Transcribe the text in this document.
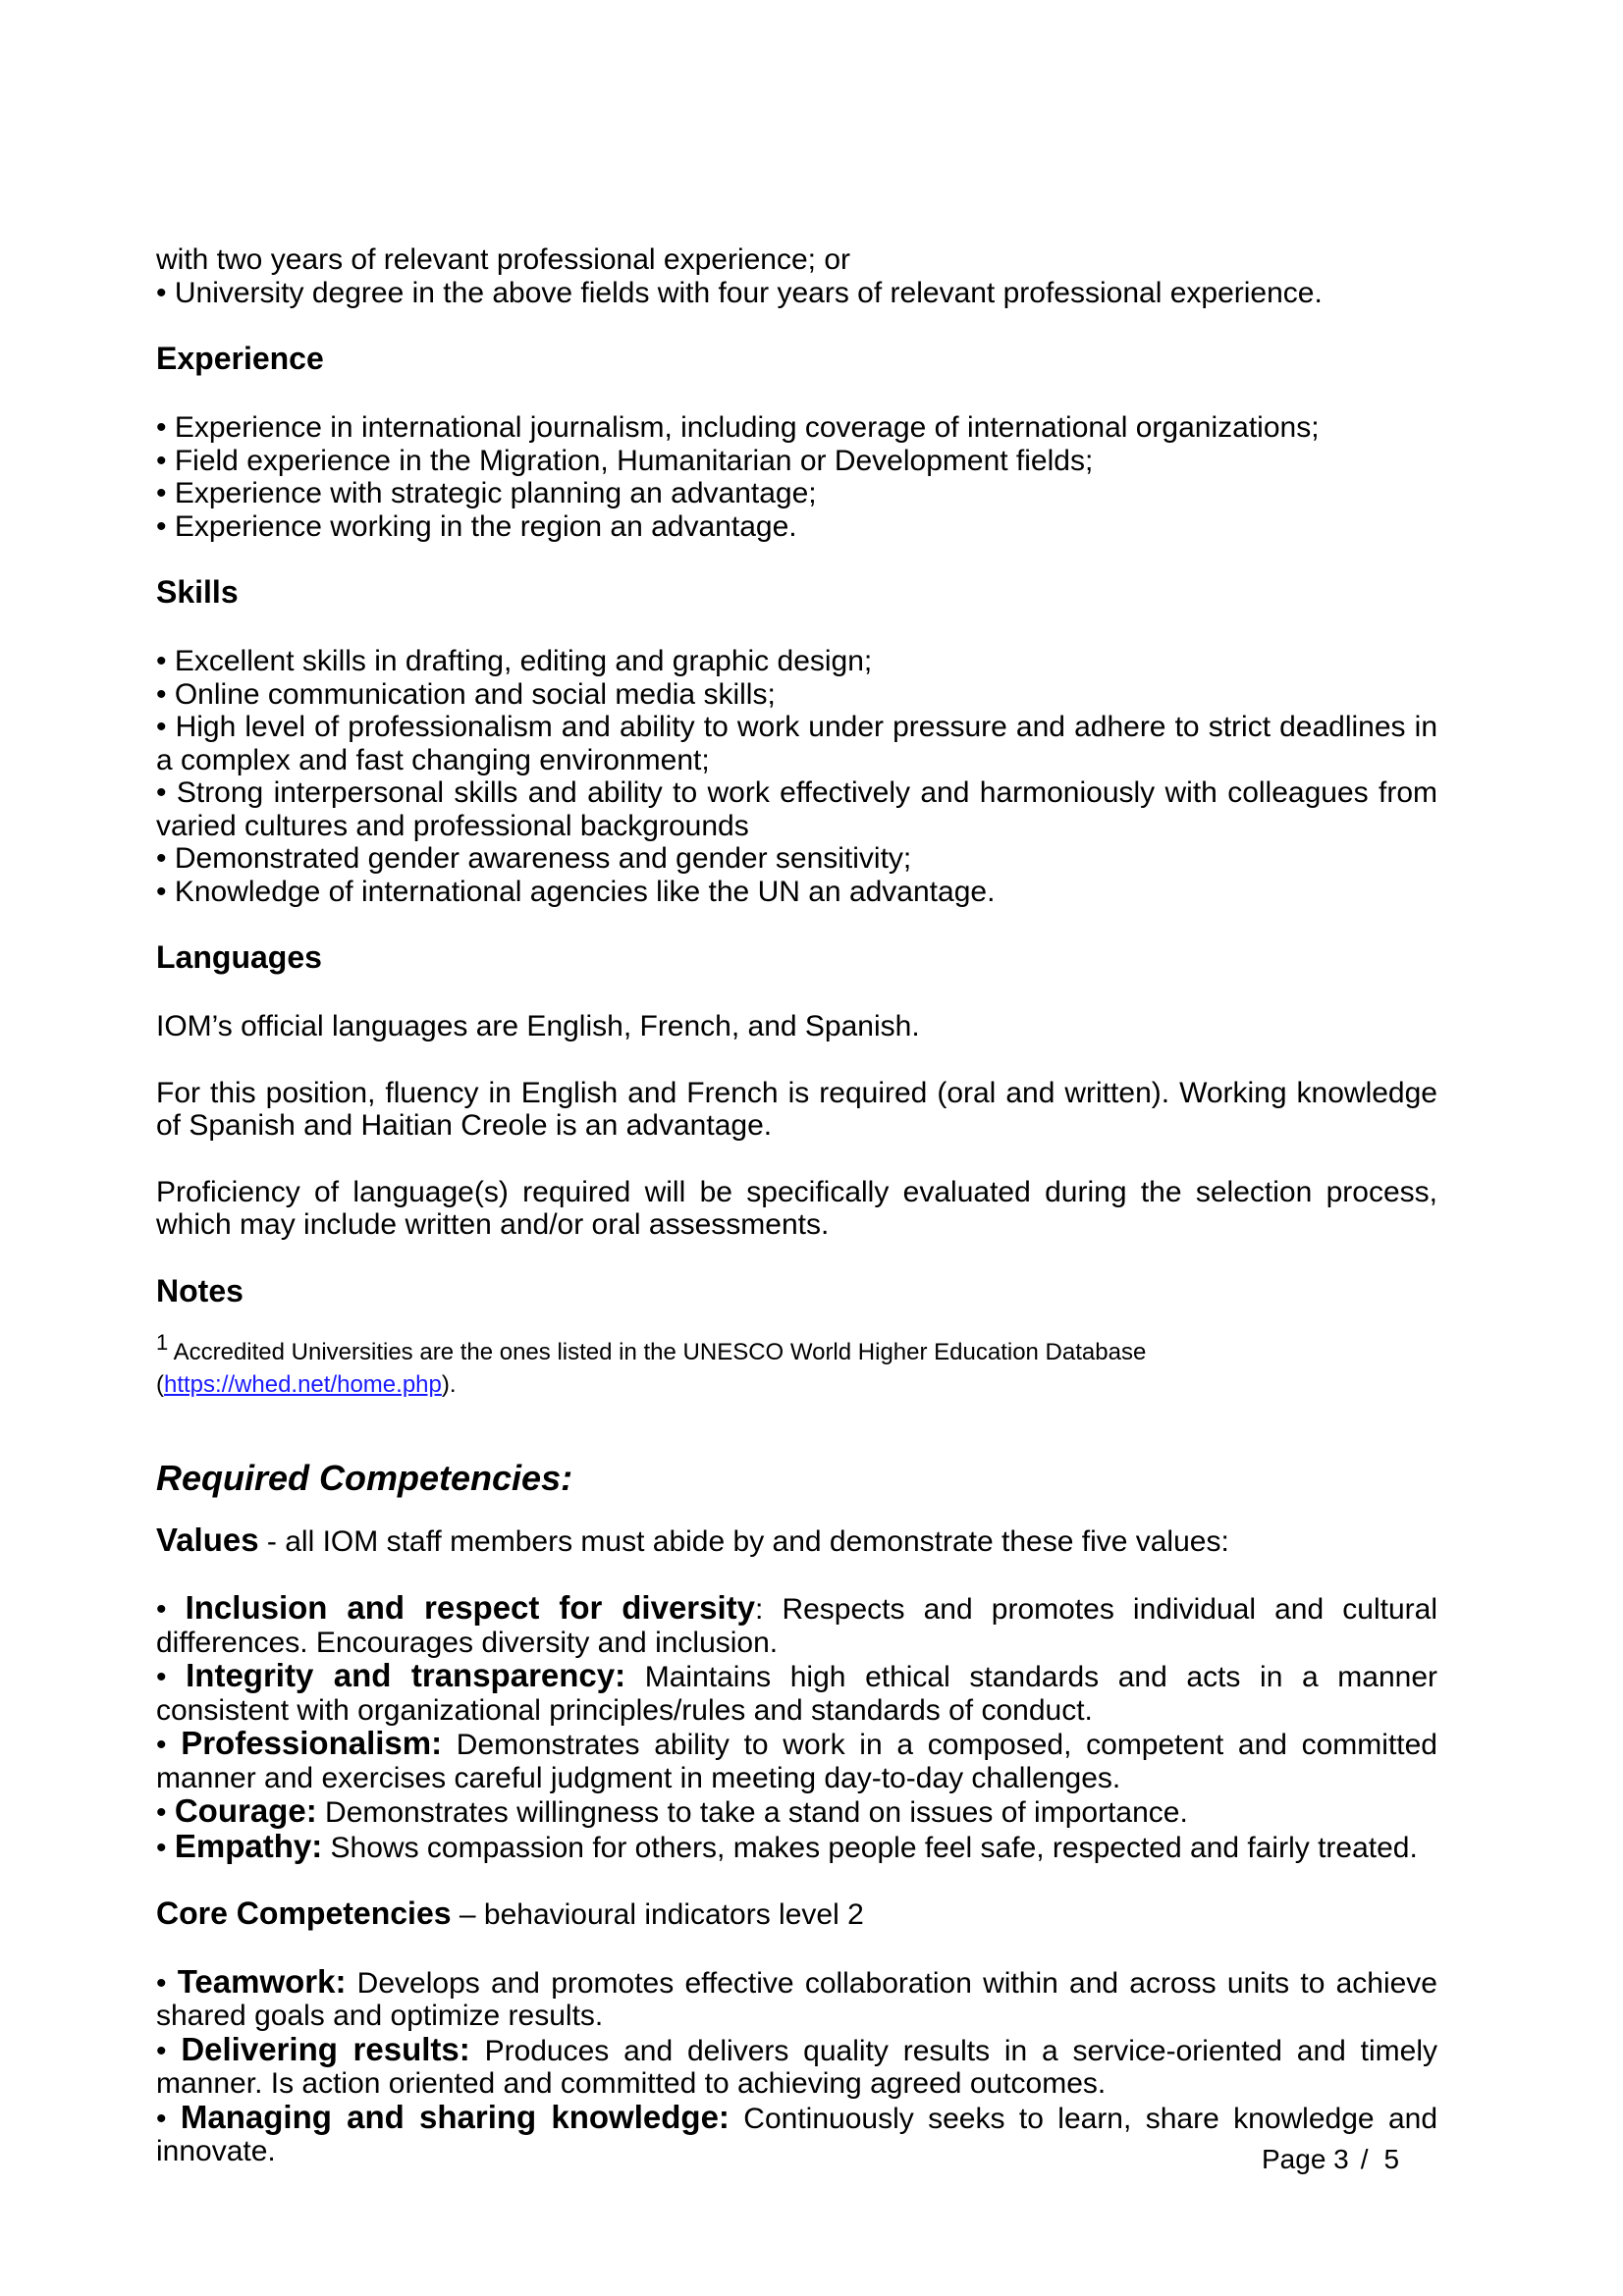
with two years of relevant professional experience; or

• University degree in the above fields with four years of relevant professional experience.

Experience

• Experience in international journalism, including coverage of international organizations;

• Field experience in the Migration, Humanitarian or Development fields;

• Experience with strategic planning an advantage;

• Experience working in the region an advantage.

Skills

• Excellent skills in drafting, editing and graphic design;

• Online communication and social media skills;

• High level of professionalism and ability to work under pressure and adhere to strict deadlines in a complex and fast changing environment;

• Strong interpersonal skills and ability to work effectively and harmoniously with colleagues from varied cultures and professional backgrounds

• Demonstrated gender awareness and gender sensitivity;

• Knowledge of international agencies like the UN an advantage.

Languages

IOM’s official languages are English, French, and Spanish.

For this position, fluency in English and French is required (oral and written). Working knowledge of Spanish and Haitian Creole is an advantage.

Proficiency of language(s) required will be specifically evaluated during the selection process, which may include written and/or oral assessments.

Notes

$^1$ Accredited Universities are the ones listed in the UNESCO World Higher Education Database

(https://whed.net/home.php).

Required Competencies:

Values - all IOM staff members must abide by and demonstrate these five values:

• Inclusion and respect for diversity: Respects and promotes individual and cultural differences. Encourages diversity and inclusion.

• Integrity and transparency: Maintains high ethical standards and acts in a manner consistent with organizational principles/rules and standards of conduct.

• Professionalism: Demonstrates ability to work in a composed, competent and committed manner and exercises careful judgment in meeting day-to-day challenges.

• Courage: Demonstrates willingness to take a stand on issues of importance.

• Empathy: Shows compassion for others, makes people feel safe, respected and fairly treated.

Core Competencies – behavioural indicators level 2

• Teamwork: Develops and promotes effective collaboration within and across units to achieve shared goals and optimize results.

• Delivering results: Produces and delivers quality results in a service-oriented and timely manner. Is action oriented and committed to achieving agreed outcomes.

• Managing and sharing knowledge: Continuously seeks to learn, share knowledge and innovate.	Page 3 / 5
